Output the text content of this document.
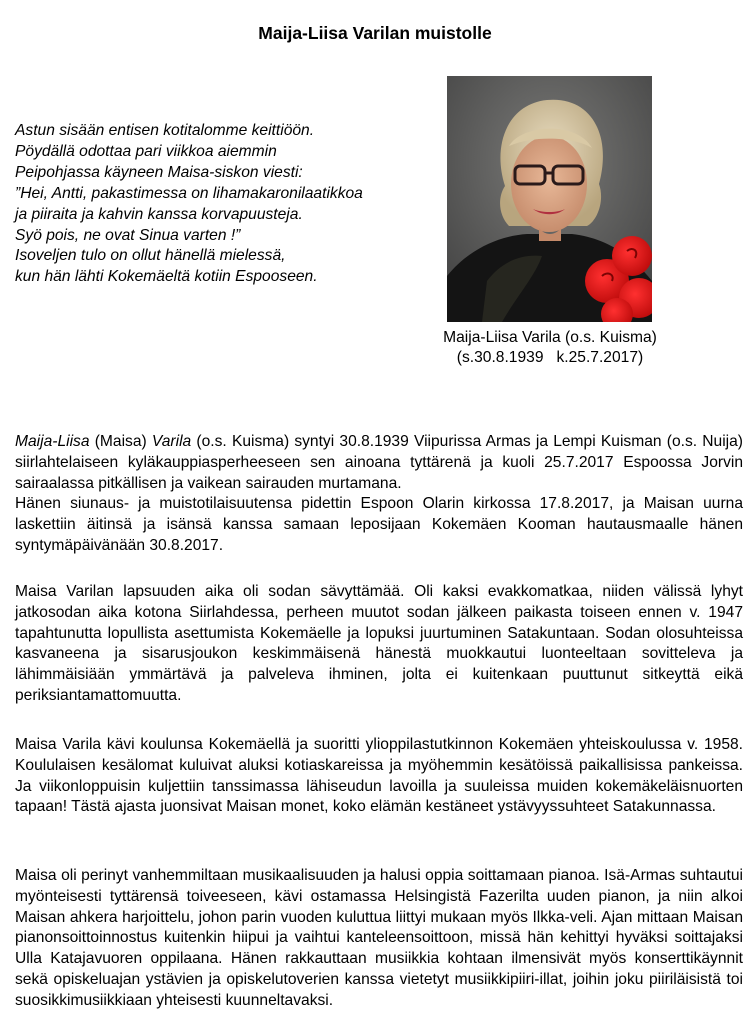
Maija-Liisa Varilan muistolle
Astun sisään entisen kotitalomme keittiöön.
Pöydällä odottaa pari viikkoa aiemmin
Peipohjassa käyneen Maisa-siskon viesti:
”Hei, Antti, pakastimessa on lihamakaronilaatikkoa
ja piiraita ja kahvin kanssa korvapuusteja.
Syö pois, ne ovat Sinua varten !”
Isoveljen tulo on ollut hänellä mielessä,
kun hän lähti Kokemäeltä kotiin Espooseen.
Maija-Liisa Varila (o.s. Kuisma)
(s.30.8.1939   k.25.7.2017)

Maija-Liisa (Maisa) Varila (o.s. Kuisma) syntyi 30.8.1939 Viipurissa Armas ja Lempi Kuisman (o.s. Nuija) siirlahtelaiseen kyläkauppiasperheeseen sen ainoana tyttärenä ja kuoli 25.7.2017 Espoossa Jorvin sairaalassa pitkällisen ja vaikean sairauden murtamana.
Hänen siunaus- ja muistotilaisuutensa pidettin Espoon Olarin kirkossa 17.8.2017, ja Maisan uurna laskettiin äitinsä ja isänsä kanssa samaan leposijaan Kokemäen Kooman hautausmaalle hänen syntymäpäivänään 30.8.2017.

Maisa Varilan lapsuuden aika oli sodan sävyttämää. Oli kaksi evakkomatkaa, niiden välissä lyhyt jatkosodan aika kotona Siirlahdessa, perheen muutot sodan jälkeen paikasta toiseen ennen v. 1947 tapahtunutta lopullista asettumista Kokemäelle ja lopuksi juurtuminen Satakuntaan. Sodan olosuhteissa kasvaneena ja sisarusjoukon keskimmäisenä hänestä muokkautui luonteeltaan sovitteleva ja lähimmäisiään ymmärtävä ja palveleva ihminen, jolta ei kuitenkaan puuttunut sitkeyttä eikä periksiantamattomuutta.

Maisa Varila kävi koulunsa Kokemäellä ja suoritti ylioppilastutkinnon Kokemäen yhteiskoulussa v. 1958. Koululaisen kesälomat kuluivat aluksi kotiaskareissa ja myöhemmin kesätöissä paikallisissa pankeissa. Ja viikonloppuisin kuljettiin tanssimassa lähiseudun lavoilla ja suuleissa muiden kokemäkeläisnuorten tapaan! Tästä ajasta juonsivat Maisan monet, koko elämän kestäneet ystävyyssuhteet Satakunnassa.

Maisa oli perinyt vanhemmiltaan musikaalisuuden ja halusi oppia soittamaan pianoa. Isä-Armas suhtautui myönteisesti tyttärensä toiveeseen, kävi ostamassa Helsingistä Fazerilta uuden pianon, ja niin alkoi Maisan ahkera harjoittelu, johon parin vuoden kuluttua liittyi mukaan myös Ilkka-veli. Ajan mittaan Maisan pianonsoittoinnostus kuitenkin hiipui ja vaihtui kanteleensoittoon, missä hän kehittyi hyväksi soittajaksi Ulla Katajavuoren oppilaana. Hänen rakkauttaan musiikkia kohtaan ilmensivät myös konserttikäynnit sekä opiskeluajan ystävien ja opiskelutoverien kanssa vietetyt musiikkipiiri-illat, joihin joku piiriläisistä toi suosikkimusiikkiaan yhteisesti kuunneltavaksi.
